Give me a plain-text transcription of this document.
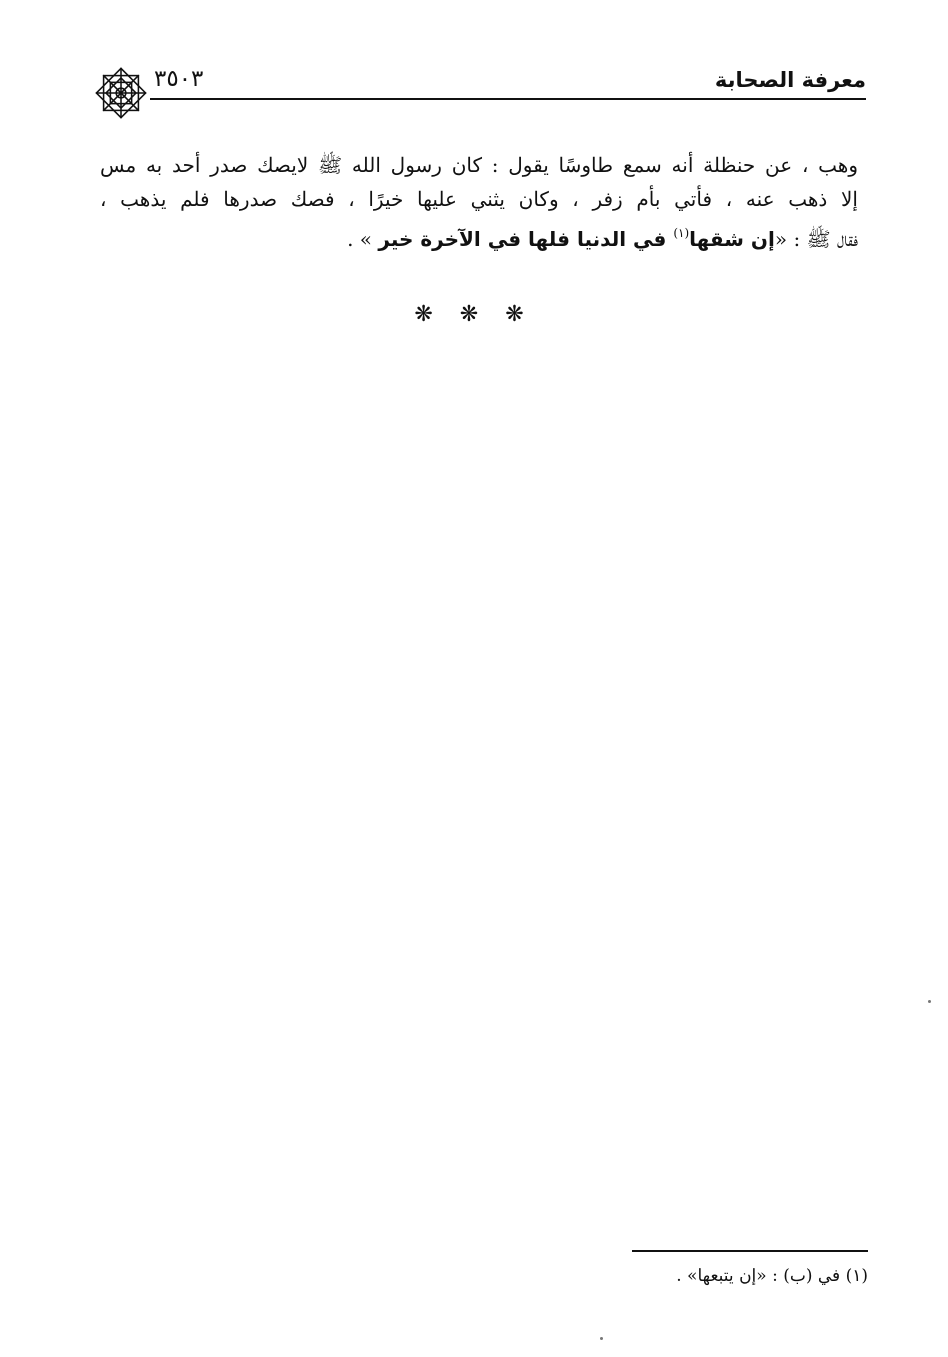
معرفة الصحابة
٣٥٠٣
وهب ، عن حنظلة أنه سمع طاوسًا يقول : كان رسول الله ﷺ لايصك صدر أحد به مس
إلا ذهب عنه ، فأتي بأم زفر ، وكان يثني عليها خيرًا ، فصك صدرها فلم يذهب ،
فقال ﷺ : «إن شقها$^{(١)}$ في الدنيا فلها في الآخرة خير » .
❋ ❋ ❋
(١) في (ب) : «إن يتبعها» .
